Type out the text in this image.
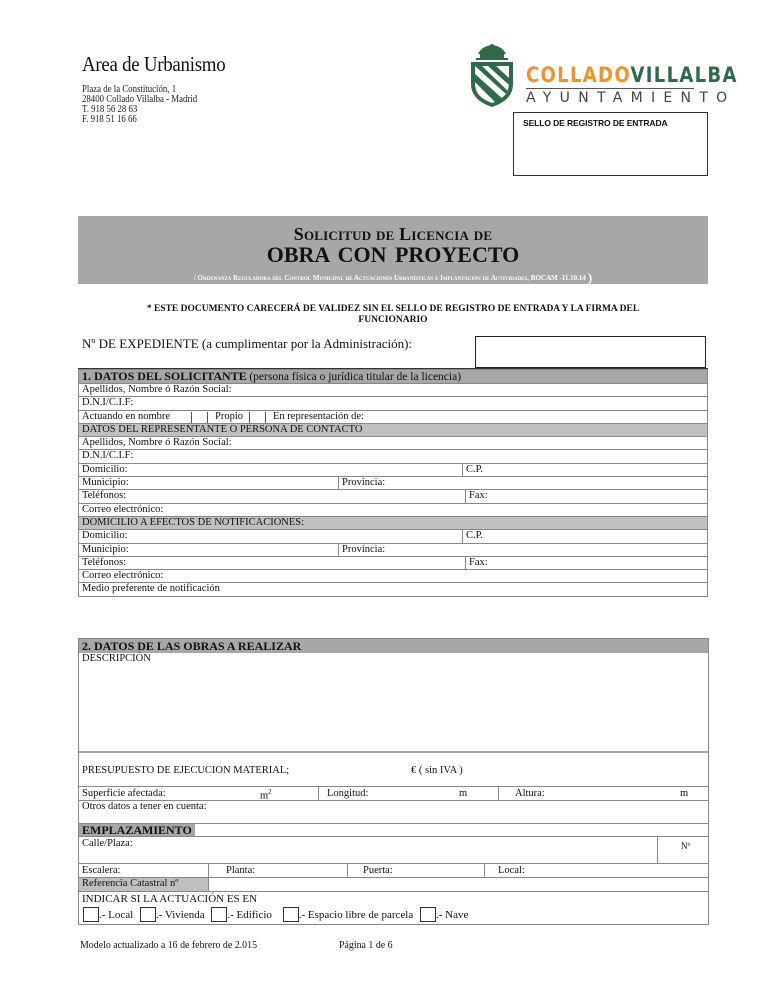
Area de Urbanismo
Plaza de la Constitución, 1
28400 Collado Villalba - Madrid
T. 918 56 28 63
F. 918 51 16 66
COLLADOVILLALBA
AYUNTAMIENTO
SELLO DE REGISTRO DE ENTRADA
Solicitud de Licencia de
OBRA CON PROYECTO
/ Ordenanza Reguladora del Control Municipal de Actuaciones Urbanísticas e Implantación de Actividades, BOCAM -11.10.14 )
* ESTE DOCUMENTO CARECERÁ DE VALIDEZ SIN EL SELLO DE REGISTRO DE ENTRADA Y LA FIRMA DEL
FUNCIONARIO
Nº DE EXPEDIENTE (a cumplimentar por la Administración):
1. DATOS DEL SOLICITANTE (persona física o jurídica titular de la licencia)
Apellidos, Nombre ó Razón Social:
D.N.I/C.I.F:
Actuando en nombre	Propio	En representación de:
DATOS DEL REPRESENTANTE O PERSONA DE CONTACTO
Apellidos, Nombre ó Razón Social:
D.N.I/C.I.F:
Domicilio:	C.P.
Municipio:	Provincia:
Teléfonos:	Fax:
Correo electrónico:
DOMICILIO A EFECTOS DE NOTIFICACIONES:
Domicilio:	C.P.
Municipio:	Provincia:
Teléfonos:	Fax:
Correo electrónico:
Medio preferente de notificación
2. DATOS DE LAS OBRAS A REALIZAR
DESCRIPCIÓN
PRESUPUESTO DE EJECUCION MATERIAL;	€ ( sin IVA )
Superficie afectada:	$m^2$	Longitud:	m	Altura:	m
Otros datos a tener en cuenta:
EMPLAZAMIENTO
Calle/Plaza:	Nº
Escalera:	Planta:	Puerta:	Local:
Referencia Catastral nº
INDICAR SI LA ACTUACIÓN ES EN
.- Local .- Vivienda .- Edificio .- Espacio libre de parcela .- Nave
Modelo actualizado a 16 de febrero de 2.015	Página 1 de 6
